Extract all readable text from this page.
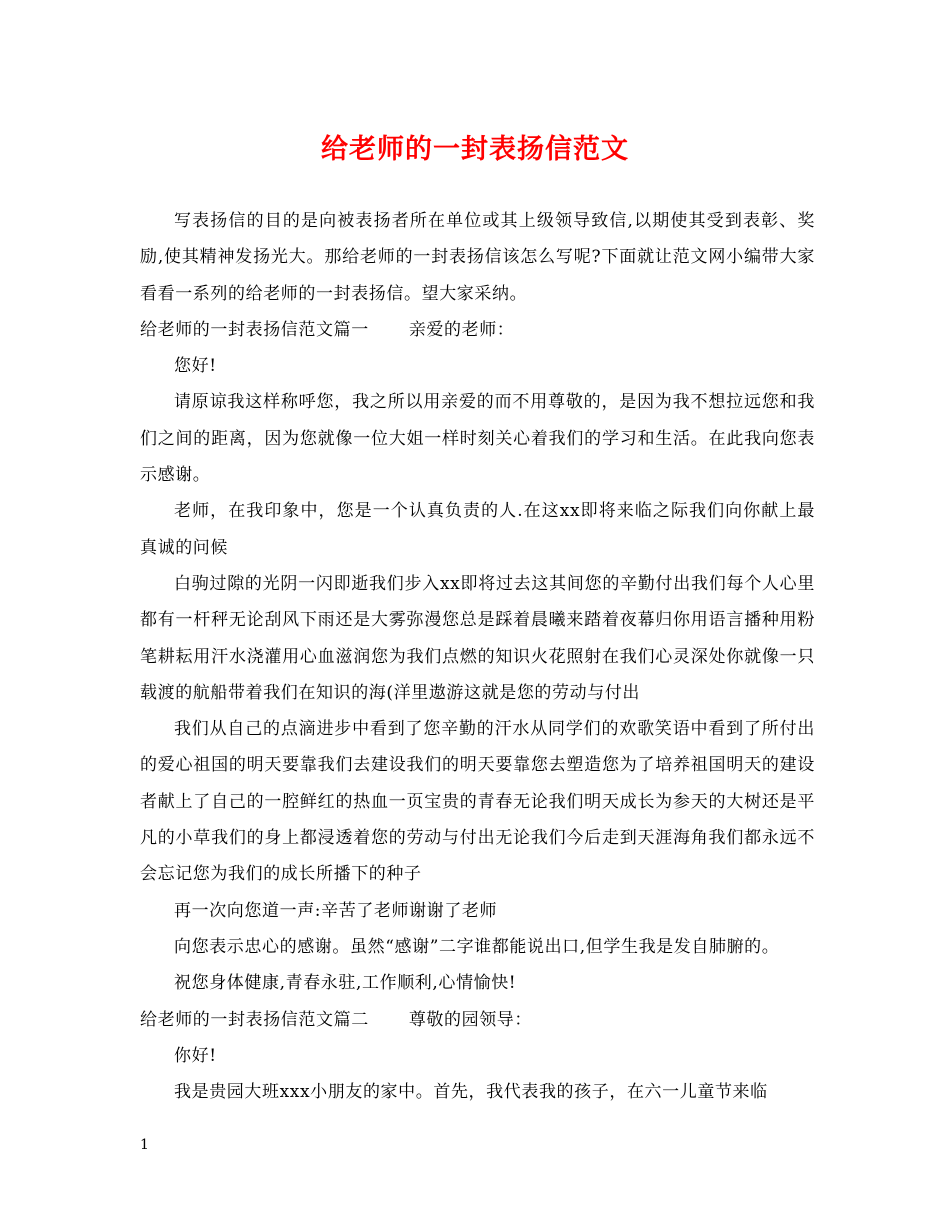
给老师的一封表扬信范文

写表扬信的目的是向被表扬者所在单位或其上级领导致信,以期使其受到表彰、奖励,使其精神发扬光大。那给老师的一封表扬信该怎么写呢?下面就让范文网小编带大家看看一系列的给老师的一封表扬信。望大家采纳。

给老师的一封表扬信范文篇一 亲爱的老师：

您好!

请原谅我这样称呼您，我之所以用亲爱的而不用尊敬的，是因为我不想拉远您和我们之间的距离，因为您就像一位大姐一样时刻关心着我们的学习和生活。在此我向您表示感谢。

老师，在我印象中，您是一个认真负责的人.在这xx即将来临之际我们向你献上最真诚的问候

白驹过隙的光阴一闪即逝我们步入xx即将过去这其间您的辛勤付出我们每个人心里都有一杆秤无论刮风下雨还是大雾弥漫您总是踩着晨曦来踏着夜幕归你用语言播种用粉笔耕耘用汗水浇灌用心血滋润您为我们点燃的知识火花照射在我们心灵深处你就像一只载渡的航船带着我们在知识的海(洋里遨游这就是您的劳动与付出

我们从自己的点滴进步中看到了您辛勤的汗水从同学们的欢歌笑语中看到了所付出的爱心祖国的明天要靠我们去建设我们的明天要靠您去塑造您为了培养祖国明天的建设者献上了自己的一腔鲜红的热血一页宝贵的青春无论我们明天成长为参天的大树还是平凡的小草我们的身上都浸透着您的劳动与付出无论我们今后走到天涯海角我们都永远不会忘记您为我们的成长所播下的种子

再一次向您道一声:辛苦了老师谢谢了老师

向您表示忠心的感谢。虽然“感谢”二字谁都能说出口,但学生我是发自肺腑的。

祝您身体健康,青春永驻,工作顺利,心情愉快!

给老师的一封表扬信范文篇二 尊敬的园领导：

你好!

我是贵园大班xxx小朋友的家中。首先，我代表我的孩子，在六一儿童节来临

1
